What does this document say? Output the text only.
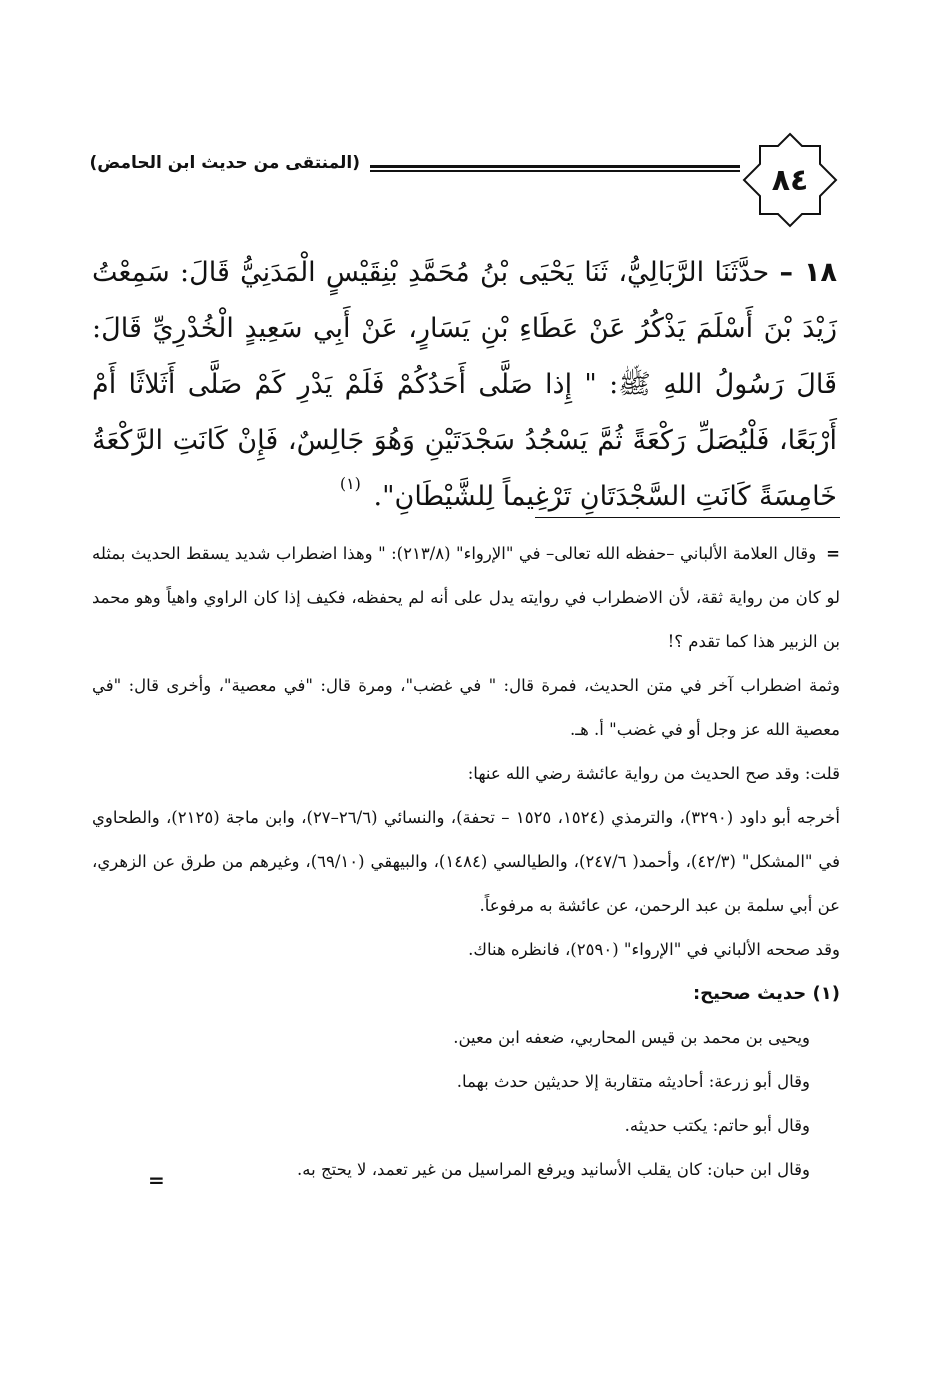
٨٤
(المنتقى من حديث ابن الحامض)
١٨ – حدَّثَنَا الرَّبَالِيُّ، ثَنَا يَحْيَى بْنُ مُحَمَّدِ بْنِقَيْسٍ الْمَدَنِيُّ قَالَ: سَمِعْتُ زَيْدَ بْنَ أَسْلَمَ يَذْكُرُ عَنْ عَطَاءِ بْنِ يَسَارٍ، عَنْ أَبِي سَعِيدٍ الْخُدْرِيِّ قَالَ: قَالَ رَسُولُ اللهِ ﷺ: " إِذا صَلَّى أَحَدُكُمْ فَلَمْ يَدْرِ كَمْ صَلَّى أَثَلاثًا أَمْ أَرْبَعًا، فَلْيُصَلِّ رَكْعَةً ثُمَّ يَسْجُدُ سَجْدَتَيْنِ وَهُوَ جَالِسٌ، فَإِنْ كَانَتِ الرَّكْعَةُ خَامِسَةً كَانَتِ السَّجْدَتَانِ تَرْغِيماً لِلشَّيْطَانِ". $^{(١)}$

=وقال العلامة الألباني –حفظه الله تعالى– في "الإرواء" (٢١٣/٨): " وهذا اضطراب شديد يسقط الحديث بمثله لو كان من رواية ثقة، لأن الاضطراب في روايته يدل على أنه لم يحفظه، فكيف إذا كان الراوي واهياً وهو محمد بن الزبير هذا كما تقدم ؟!

وثمة اضطراب آخر في متن الحديث، فمرة قال: " في غضب"، ومرة قال: "في معصية"، وأخرى قال: "في معصية الله عز وجل أو في غضب" أ. هـ.

قلت: وقد صح الحديث من رواية عائشة رضي الله عنها:

أخرجه أبو داود (٣٢٩٠)، والترمذي (١٥٢٤، ١٥٢٥ – تحفة)، والنسائي (٢٦/٦–٢٧)، وابن ماجة (٢١٢٥)، والطحاوي في "المشكل" (٤٢/٣)، وأحمد( ٢٤٧/٦)، والطيالسي (١٤٨٤)، والبيهقي (٦٩/١٠)، وغيرهم من طرق عن الزهري، عن أبي سلمة بن عبد الرحمن، عن عائشة به مرفوعاً.

وقد صححه الألباني في "الإرواء" (٢٥٩٠)، فانظره هناك.

(١) حديث صحيح:

ويحيى بن محمد بن قيس المحاربي، ضعفه ابن معين.

وقال أبو زرعة: أحاديثه متقاربة إلا حديثين حدث بهما.

وقال أبو حاتم: يكتب حديثه.

وقال ابن حبان: كان يقلب الأسانيد ويرفع المراسيل من غير تعمد، لا يحتج به.

=
